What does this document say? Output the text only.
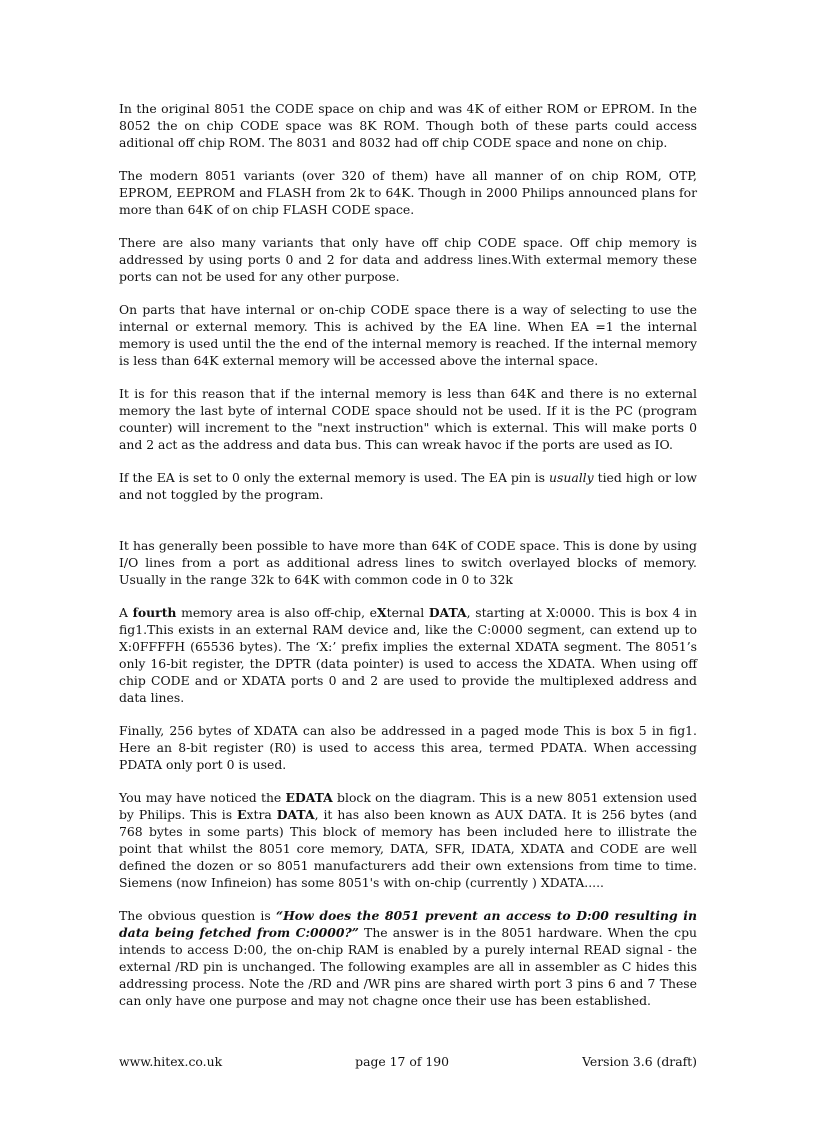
In the original 8051 the CODE space on chip and was 4K of either ROM or EPROM. In the 8052 the on chip CODE space was 8K ROM. Though both of these parts could access aditional off chip ROM. The 8031 and 8032 had off chip CODE space and none on chip.

The modern 8051 variants (over 320 of them) have all manner of on chip ROM, OTP, EPROM, EEPROM and FLASH from 2k to 64K. Though in 2000 Philips announced plans for more than 64K of on chip FLASH CODE space.

There are also many variants that only have off chip CODE space. Off chip memory is addressed by using ports 0 and 2 for data and address lines.With extermal memory these ports can not be used for any other purpose.

On parts that have internal or on-chip CODE space there is a way of selecting to use the internal or external memory. This is achived by the EA line. When EA =1 the internal memory is used until the the end of the internal memory is reached. If the internal memory is less than 64K external memory will be accessed above the internal space.

It is for this reason that if the internal memory is less than 64K and there is no external memory the last byte of internal CODE space should not be used. If it is the PC (program counter) will increment to the "next instruction" which is external. This will make ports 0 and 2 act as the address and data bus. This can wreak havoc if the ports are used as IO.

If the EA is set to 0 only the external memory is used. The EA pin is usually tied high or low and not toggled by the program.

It has generally been possible to have more than 64K of CODE space. This is done by using I/O lines from a port as additional adress lines to switch overlayed blocks of memory. Usually in the range 32k to 64K with common code in 0 to 32k

A fourth memory area is also off-chip, eXternal DATA, starting at X:0000. This is box 4 in fig1.This exists in an external RAM device and, like the C:0000 segment, can extend up to X:0FFFFH (65536 bytes). The ‘X:’ prefix implies the external XDATA segment. The 8051’s only 16-bit register, the DPTR (data pointer) is used to access the XDATA. When using off chip CODE and or XDATA ports 0 and 2 are used to provide the multiplexed address and data lines.

Finally, 256 bytes of XDATA can also be addressed in a paged mode This is box 5 in fig1. Here an 8-bit register (R0) is used to access this area, termed PDATA. When accessing PDATA only port 0 is used.

You may have noticed the EDATA block on the diagram. This is a new 8051 extension used by Philips. This is Extra DATA, it has also been known as AUX DATA. It is 256 bytes (and 768 bytes in some parts) This block of memory has been included here to illistrate the point that whilst the 8051 core memory, DATA, SFR, IDATA, XDATA and CODE are well defined the dozen or so 8051 manufacturers add their own extensions from time to time. Siemens (now Infineion) has some 8051's with on-chip (currently ) XDATA.....

The obvious question is “How does the 8051 prevent an access to D:00 resulting in data being fetched from C:0000?” The answer is in the 8051 hardware. When the cpu intends to access D:00, the on-chip RAM is enabled by a purely internal READ signal - the external /RD pin is unchanged. The following examples are all in assembler as C hides this addressing process. Note the /RD and /WR pins are shared wirth port 3 pins 6 and 7 These can only have one purpose and may not chagne once their use has been established.

www.hitex.co.uk	page 17 of 190	Version 3.6 (draft)
